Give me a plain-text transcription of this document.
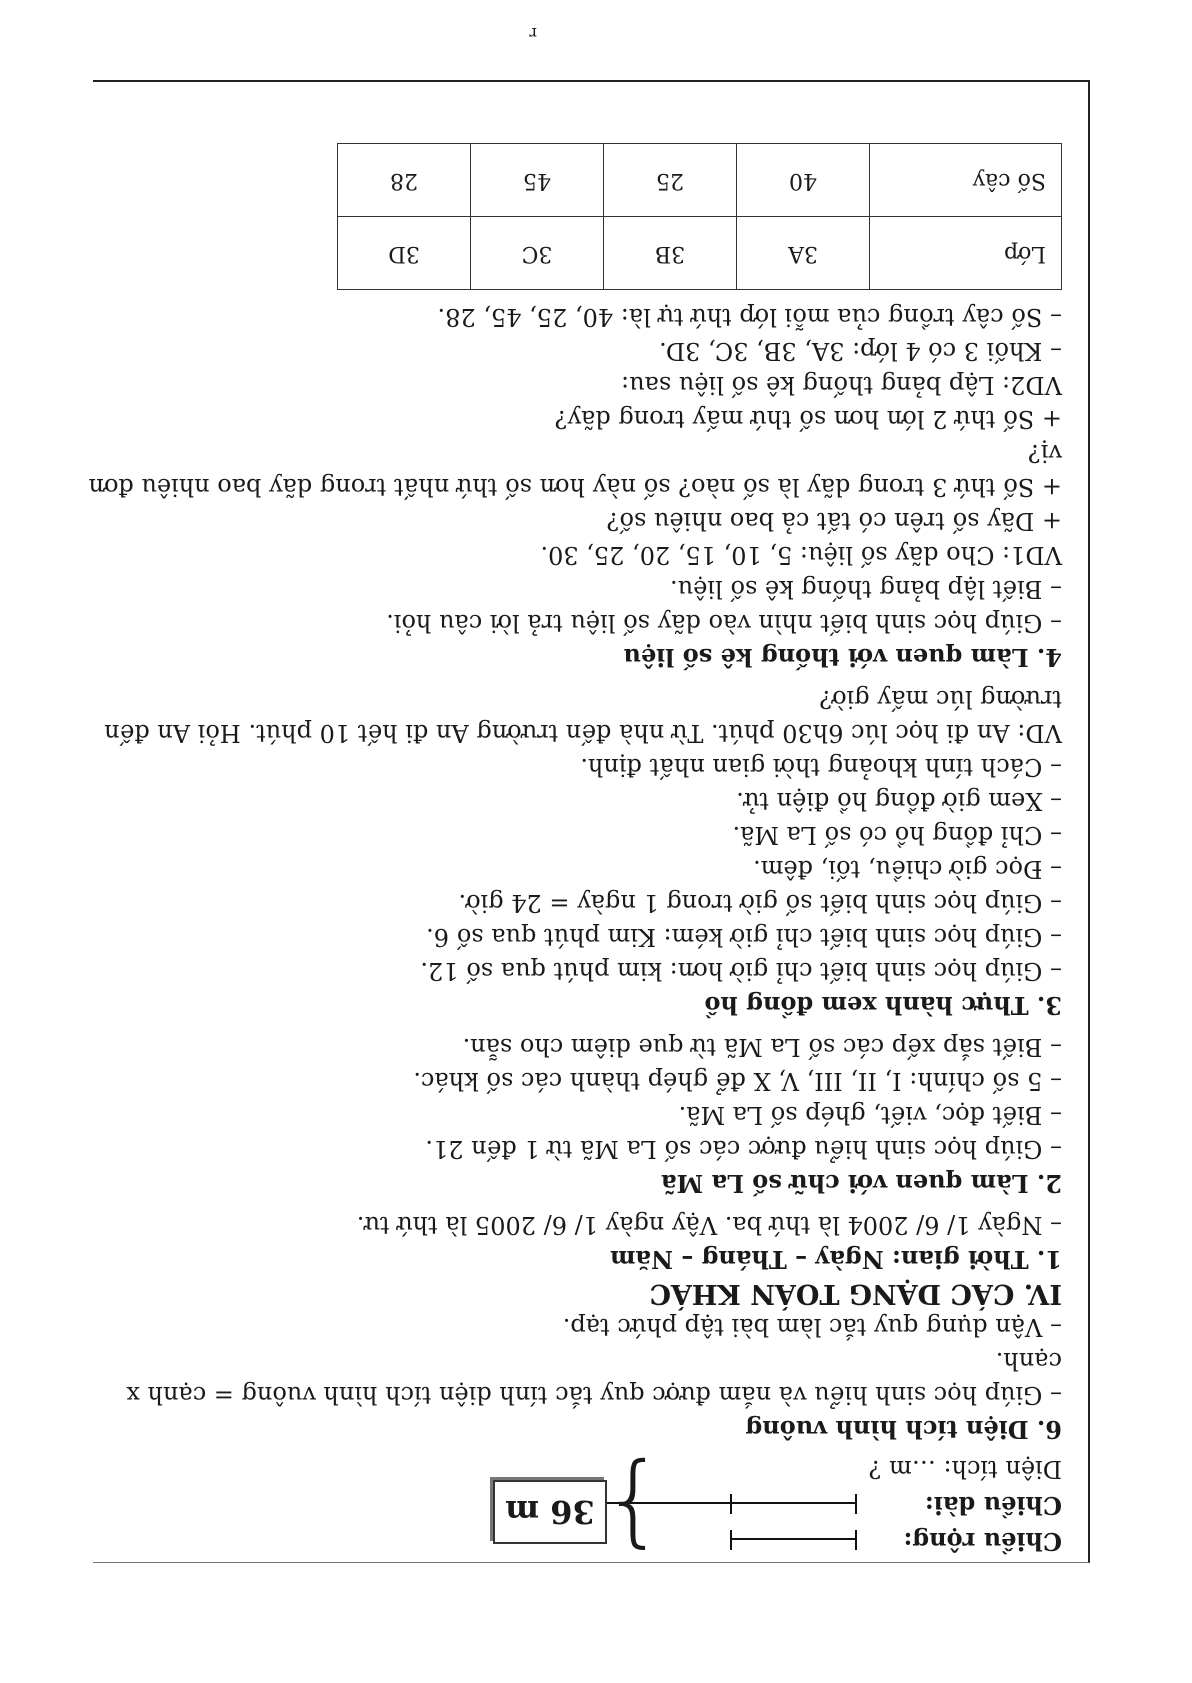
r
Chiều rộng:
Chiều dài:
Diện tích: …m ?
}
36 m
6. Diện tích hình vuông
– Giúp học sinh hiểu và nắm được quy tắc tính diện tích hình vuông = cạnh x
cạnh.
– Vận dụng quy tắc làm bài tập phức tạp.
IV. CÁC DẠNG TOÁN KHÁC
1. Thời gian: Ngày – Tháng – Năm
– Ngày 1/ 6/ 2004 là thứ ba. Vậy ngày 1/ 6/ 2005 là thứ tư.
2. Làm quen với chữ số La Mã
– Giúp học sinh hiểu được các số La Mã từ 1 đến 21.
– Biết đọc, viết, ghép số La Mã.
– 5 số chính: I, II, III, V, X để ghép thành các số khác.
– Biết sắp xếp các số La Mã từ que diêm cho sẵn.
3. Thực hành xem đồng hồ
– Giúp học sinh biết chỉ giờ hơn: kim phút qua số 12.
– Giúp học sinh biết chỉ giờ kém: Kim phút qua số 6.
– Giúp học sinh biết số giờ trong 1 ngày = 24 giờ.
– Đọc giờ chiều, tối, đêm.
– Chỉ đồng hồ có số La Mã.
– Xem giờ đồng hồ điện tử.
– Cách tính khoảng thời gian nhất định.
VD: An đi học lúc 6h30 phút. Từ nhà đến trường An đi hết 10 phút. Hỏi An đến
trường lúc mấy giờ?
4. Làm quen với thống kê số liệu
– Giúp học sinh biết nhìn vào dãy số liệu trả lời câu hỏi.
– Biết lập bảng thống kê số liệu.
VD1: Cho dãy số liệu: 5, 10, 15, 20, 25, 30.
+ Dãy số trên có tất cả bao nhiêu số?
+ Số thứ 3 trong dãy là số nào? số này hơn số thứ nhất trong dãy bao nhiêu đơn
vị?
+ Số thứ 2 lớn hơn số thứ mấy trong dãy?
VD2: Lập bảng thống kê số liệu sau:
– Khối 3 có 4 lớp: 3A, 3B, 3C, 3D.
– Số cây trồng của mỗi lớp thứ tự là: 40, 25, 45, 28.
Lớp	3A	3B	3C	3D
Số cây	40	25	45	28
